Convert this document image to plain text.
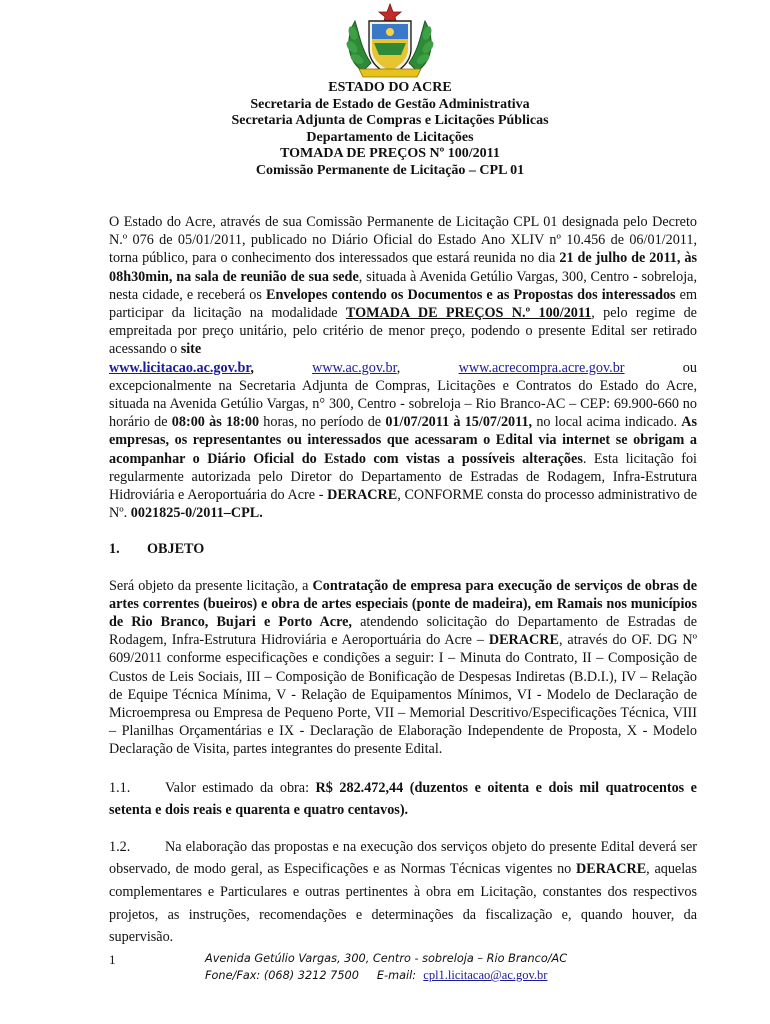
ESTADO DO ACRE
Secretaria de Estado de Gestão Administrativa
Secretaria Adjunta de Compras e Licitações Públicas
Departamento de Licitações
TOMADA DE PREÇOS Nº 100/2011
Comissão Permanente de Licitação – CPL 01

O Estado do Acre, através de sua Comissão Permanente de Licitação CPL 01 designada pelo Decreto N.º 076 de 05/01/2011, publicado no Diário Oficial do Estado Ano XLIV nº 10.456 de 06/01/2011, torna público, para o conhecimento dos interessados que estará reunida no dia 21 de julho de 2011, às 08h30min, na sala de reunião de sua sede, situada à Avenida Getúlio Vargas, 300, Centro - sobreloja, nesta cidade, e receberá os Envelopes contendo os Documentos e as Propostas dos interessados em participar da licitação na modalidade TOMADA DE PREÇOS N.º 100/2011, pelo regime de empreitada por preço unitário, pelo critério de menor preço, podendo o presente Edital ser retirado acessando o site
www.licitacao.ac.gov.br,	www.ac.gov.br,	www.acrecompra.acre.gov.br	ou
excepcionalmente na Secretaria Adjunta de Compras, Licitações e Contratos do Estado do Acre, situada na Avenida Getúlio Vargas, n° 300, Centro - sobreloja – Rio Branco-AC – CEP: 69.900-660 no horário de 08:00 às 18:00 horas, no período de 01/07/2011 à 15/07/2011, no local acima indicado. As empresas, os representantes ou interessados que acessaram o Edital via internet se obrigam a acompanhar o Diário Oficial do Estado com vistas a possíveis alterações. Esta licitação foi regularmente autorizada pelo Diretor do Departamento de Estradas de Rodagem, Infra-Estrutura Hidroviária e Aeroportuária do Acre - DERACRE, CONFORME consta do processo administrativo de Nº. 0021825-0/2011–CPL.

1. OBJETO

Será objeto da presente licitação, a Contratação de empresa para execução de serviços de obras de artes correntes (bueiros) e obra de artes especiais (ponte de madeira), em Ramais nos municípios de Rio Branco, Bujari e Porto Acre, atendendo solicitação do Departamento de Estradas de Rodagem, Infra-Estrutura Hidroviária e Aeroportuária do Acre – DERACRE, através do OF. DG Nº 609/2011 conforme especificações e condições a seguir: I – Minuta do Contrato, II – Composição de Custos de Leis Sociais, III – Composição de Bonificação de Despesas Indiretas (B.D.I.), IV – Relação de Equipe Técnica Mínima, V - Relação de Equipamentos Mínimos, VI - Modelo de Declaração de Microempresa ou Empresa de Pequeno Porte, VII – Memorial Descritivo/Especificações Técnica, VIII – Planilhas Orçamentárias e IX - Declaração de Elaboração Independente de Proposta, X - Modelo Declaração de Visita, partes integrantes do presente Edital.

1.1. Valor estimado da obra: R$ 282.472,44 (duzentos e oitenta e dois mil quatrocentos e setenta e dois reais e quarenta e quatro centavos).

1.2. Na elaboração das propostas e na execução dos serviços objeto do presente Edital deverá ser observado, de modo geral, as Especificações e as Normas Técnicas vigentes no DERACRE, aquelas complementares e Particulares e outras pertinentes à obra em Licitação, constantes dos respectivos projetos, as instruções, recomendações e determinações da fiscalização e, quando houver, da supervisão.

1	Avenida Getúlio Vargas, 300, Centro - sobreloja – Rio Branco/AC
Fone/Fax: (068) 3212 7500 E-mail: cpl1.licitacao@ac.gov.br
